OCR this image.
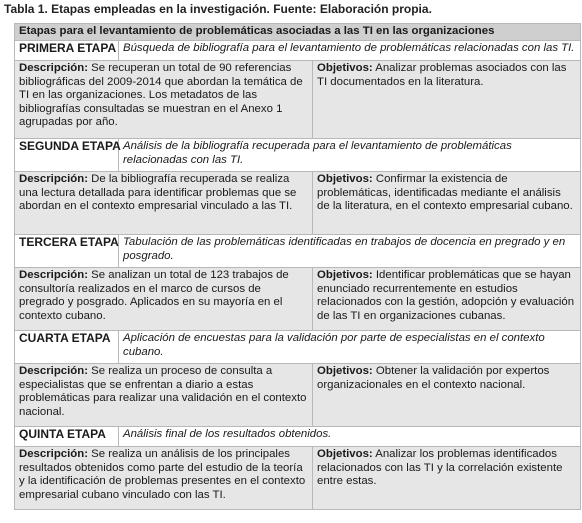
Tabla 1. Etapas empleadas en la investigación. Fuente: Elaboración propia.
Etapas para el levantamiento de problemáticas asociadas a las TI en las organizaciones		
PRIMERA ETAPA	Búsqueda de bibliografía para el levantamiento de problemáticas relacionadas con las TI.	
Descripción: Se recuperan un total de 90 referencias bibliográficas del 2009-2014 que abordan la temática de TI en las organizaciones. Los metadatos de las bibliografías consultadas se muestran en el Anexo 1 agrupadas por año.		Objetivos: Analizar problemas asociados con las TI documentados en la literatura.
SEGUNDA ETAPA	Análisis de la bibliografía recuperada para el levantamiento de problemáticas relacionadas con las TI.	
Descripción: De la bibliografía recuperada se realiza una lectura detallada para identificar problemas que se abordan en el contexto empresarial vinculado a las TI.		Objetivos: Confirmar la existencia de problemáticas, identificadas mediante el análisis de la literatura, en el contexto empresarial cubano.
TERCERA ETAPA	Tabulación de las problemáticas identificadas en trabajos de docencia en pregrado y en posgrado.	
Descripción: Se analizan un total de 123 trabajos de consultoría realizados en el marco de cursos de pregrado y posgrado. Aplicados en su mayoría en el contexto cubano.		Objetivos: Identificar problemáticas que se hayan enunciado recurrentemente en estudios relacionados con la gestión, adopción y evaluación de las TI en organizaciones cubanas.
CUARTA ETAPA	Aplicación de encuestas para la validación por parte de especialistas en el contexto cubano.	
Descripción: Se realiza un proceso de consulta a especialistas que se enfrentan a diario a estas problemáticas para realizar una validación en el contexto nacional.		Objetivos: Obtener la validación por expertos organizacionales en el contexto nacional.
QUINTA ETAPA	Análisis final de los resultados obtenidos.	
Descripción: Se realiza un análisis de los principales resultados obtenidos como parte del estudio de la teoría y la identificación de problemas presentes en el contexto empresarial cubano vinculado con las TI.		Objetivos: Analizar los problemas identificados relacionados con las TI y la correlación existente entre estas.
